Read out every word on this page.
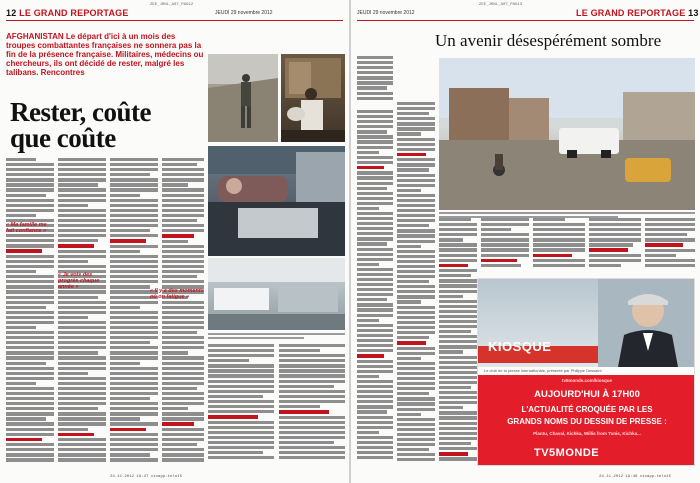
ZEE_JRNL_A07_PAG12
12 LE GRAND REPORTAGE	JEUDI 29 novembre 2012
AFGHANISTAN Le départ d'ici à un mois des troupes combattantes françaises ne sonnera pas la fin de la présence française. Militaires, médecins ou chercheurs, ils ont décidé de rester, malgré les talibans. Rencontres
Rester, coûte
que coûte
« Ma famille me fait confiance »
« Je vois des progrès chaque année »
« Il y a des moments où on fatigue »
24.11.2012 19:47 vivapp-telo15
ZEE_JRNL_A07_PAG13
JEUDI 29 novembre 2012	LE GRAND REPORTAGE 13
Un avenir désespérément sombre
KIOSQUE
Le club de la presse internationale, présenté par Philippe Dessaint
tv5monde.com/kiosque
AUJOURD'HUI À 17H00
L'ACTUALITÉ CROQUÉE PAR LES
GRANDS NOMS DU DESSIN DE PRESSE :
Plantu, Chaval, Kichka, Willis from Tunis, Kichka...
TV5MONDE
24.11.2012 19:48 vivapp-telo15
